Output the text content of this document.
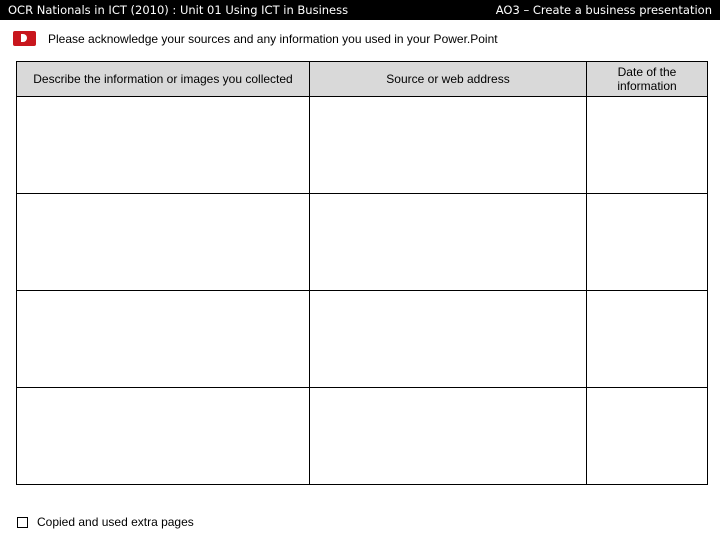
OCR Nationals in ICT (2010) : Unit 01 Using ICT in Business	AO3 – Create a business presentation
Please acknowledge your sources and any information you used in your Power.Point
Describe the information or images you collected	Source or web address	Date of the information

Copied and used extra pages
